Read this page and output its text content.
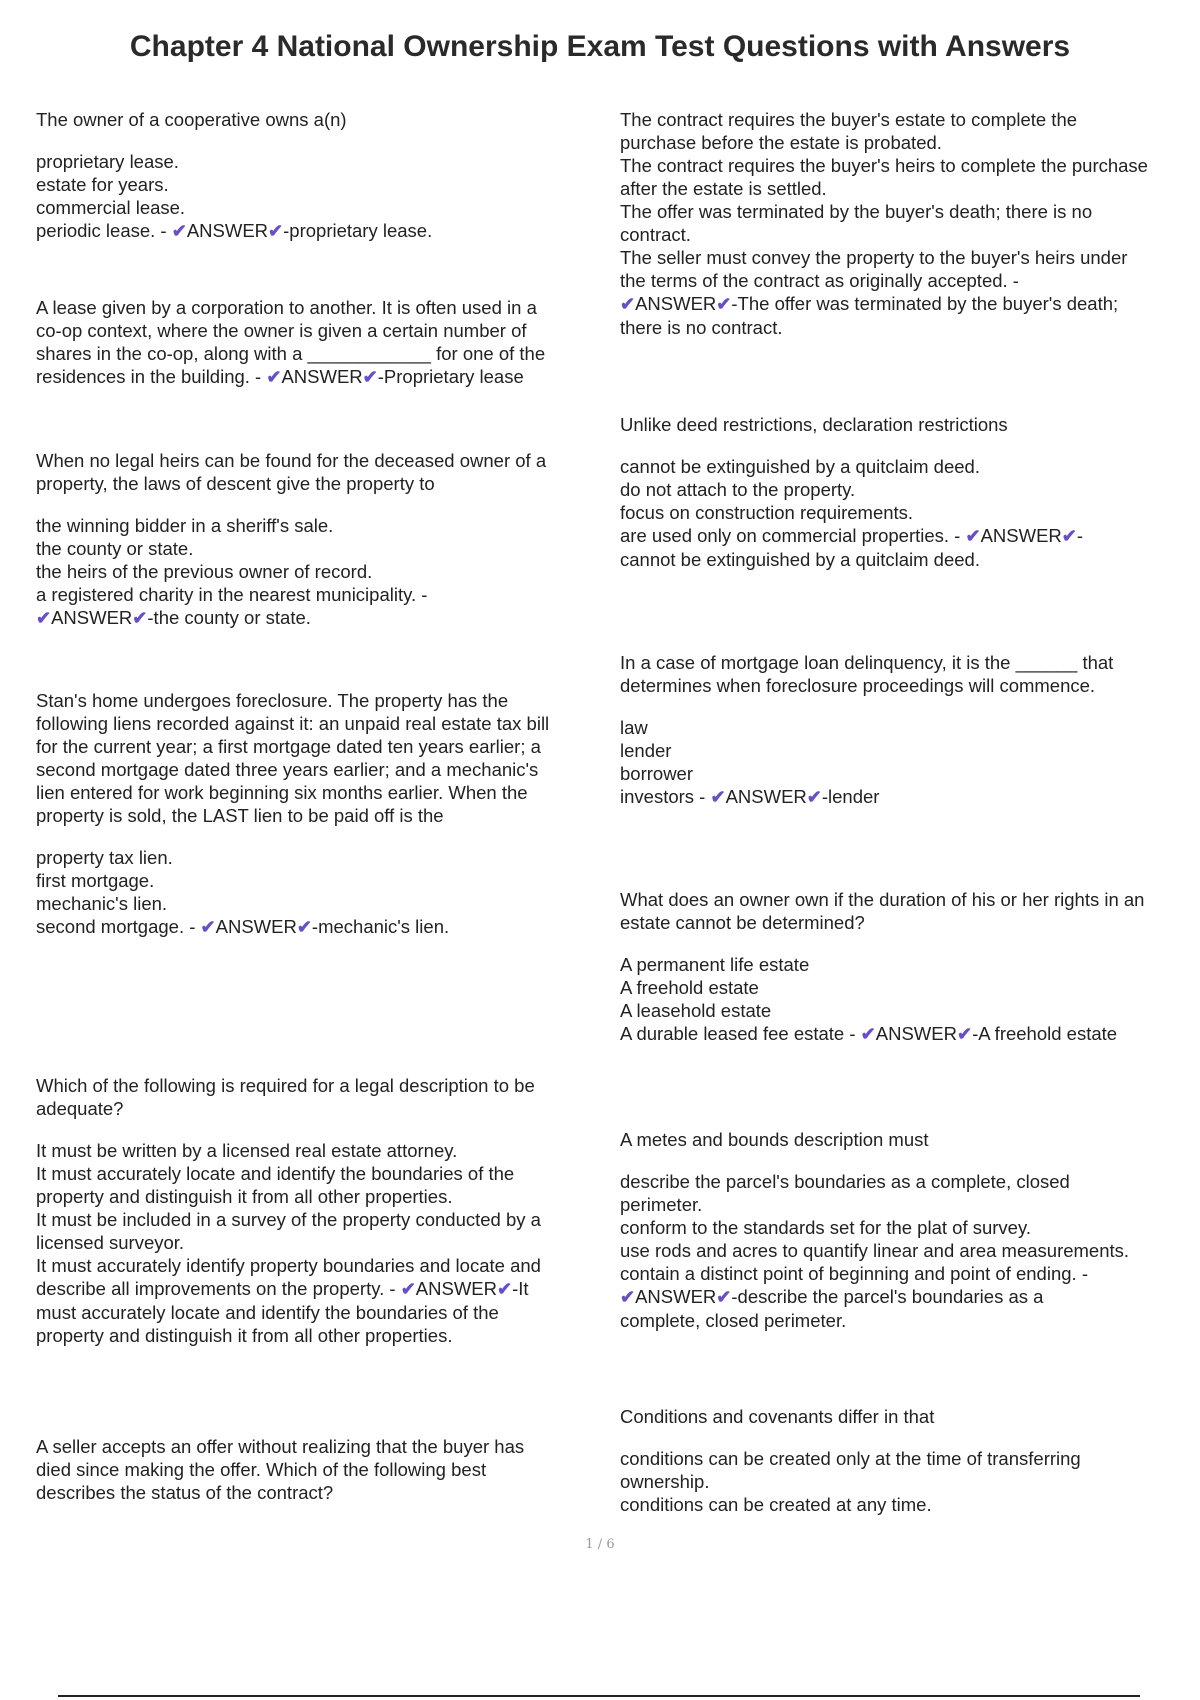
Chapter 4 National Ownership Exam Test Questions with Answers
The owner of a cooperative owns a(n)
proprietary lease.
estate for years.
commercial lease.
periodic lease. - ✔ANSWER✔-proprietary lease.
A lease given by a corporation to another. It is often used in a
co-op context, where the owner is given a certain number of
shares in the co-op, along with a ____________ for one of the
residences in the building. - ✔ANSWER✔-Proprietary lease
When no legal heirs can be found for the deceased owner of a
property, the laws of descent give the property to
the winning bidder in a sheriff's sale.
the county or state.
the heirs of the previous owner of record.
a registered charity in the nearest municipality. -
✔ANSWER✔-the county or state.
Stan's home undergoes foreclosure. The property has the
following liens recorded against it: an unpaid real estate tax bill
for the current year; a first mortgage dated ten years earlier; a
second mortgage dated three years earlier; and a mechanic's
lien entered for work beginning six months earlier. When the
property is sold, the LAST lien to be paid off is the
property tax lien.
first mortgage.
mechanic's lien.
second mortgage. - ✔ANSWER✔-mechanic's lien.
Which of the following is required for a legal description to be
adequate?
It must be written by a licensed real estate attorney.
It must accurately locate and identify the boundaries of the
property and distinguish it from all other properties.
It must be included in a survey of the property conducted by a
licensed surveyor.
It must accurately identify property boundaries and locate and
describe all improvements on the property. - ✔ANSWER✔-It
must accurately locate and identify the boundaries of the
property and distinguish it from all other properties.
A seller accepts an offer without realizing that the buyer has
died since making the offer. Which of the following best
describes the status of the contract?
The contract requires the buyer's estate to complete the
purchase before the estate is probated.
The contract requires the buyer's heirs to complete the purchase
after the estate is settled.
The offer was terminated by the buyer's death; there is no
contract.
The seller must convey the property to the buyer's heirs under
the terms of the contract as originally accepted. -
✔ANSWER✔-The offer was terminated by the buyer's death;
there is no contract.
Unlike deed restrictions, declaration restrictions
cannot be extinguished by a quitclaim deed.
do not attach to the property.
focus on construction requirements.
are used only on commercial properties. - ✔ANSWER✔-
cannot be extinguished by a quitclaim deed.
In a case of mortgage loan delinquency, it is the ______ that
determines when foreclosure proceedings will commence.
law
lender
borrower
investors - ✔ANSWER✔-lender
What does an owner own if the duration of his or her rights in an
estate cannot be determined?
A permanent life estate
A freehold estate
A leasehold estate
A durable leased fee estate - ✔ANSWER✔-A freehold estate
A metes and bounds description must
describe the parcel's boundaries as a complete, closed
perimeter.
conform to the standards set for the plat of survey.
use rods and acres to quantify linear and area measurements.
contain a distinct point of beginning and point of ending. -
✔ANSWER✔-describe the parcel's boundaries as a
complete, closed perimeter.
Conditions and covenants differ in that
conditions can be created only at the time of transferring
ownership.
conditions can be created at any time.
1 / 6
